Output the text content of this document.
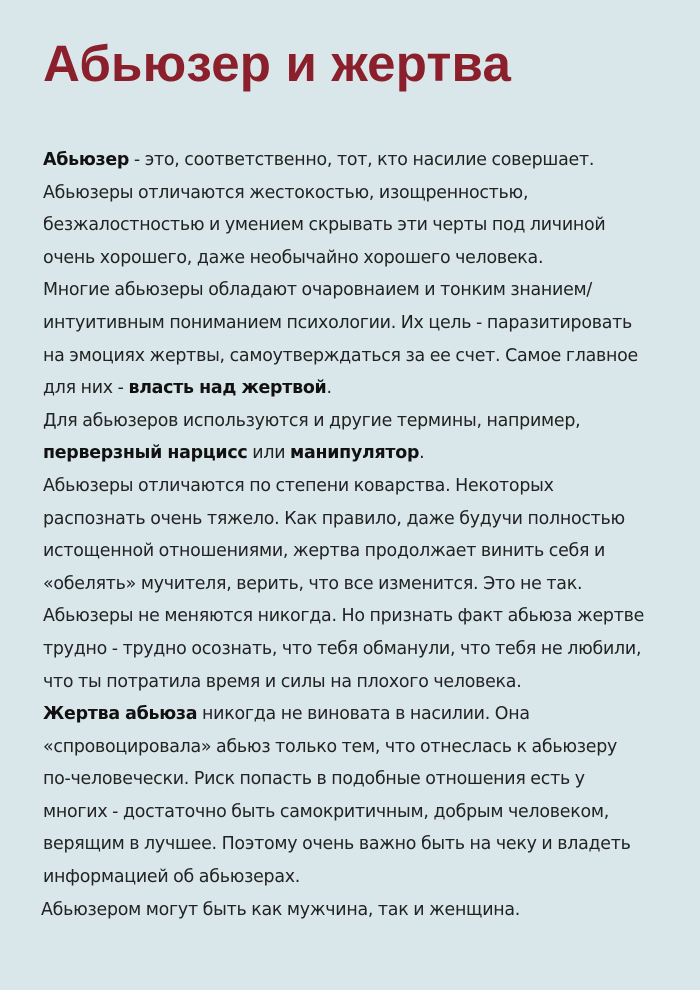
Абьюзер и жертва
Абьюзер - это, соответственно, тот, кто насилие совершает.
Абьюзеры отличаются жестокостью, изощренностью,
безжалостностью и умением скрывать эти черты под личиной
очень хорошего, даже необычайно хорошего человека.
Многие абьюзеры обладают очаровнаием и тонким знанием/
интуитивным пониманием психологии. Их цель - паразитировать
на эмоциях жертвы, самоутверждаться за ее счет. Самое главное
для них - власть над жертвой.
Для абьюзеров используются и другие термины, например,
перверзный нарцисс или манипулятор.
Абьюзеры отличаются по степени коварства. Некоторых
распознать очень тяжело. Как правило, даже будучи полностью
истощенной отношениями, жертва продолжает винить себя и
«обелять» мучителя, верить, что все изменится. Это не так.
Абьюзеры не меняются никогда. Но признать факт абьюза жертве
трудно - трудно осознать, что тебя обманули, что тебя не любили,
что ты потратила время и силы на плохого человека.
Жертва абьюза никогда не виновата в насилии. Она
«спровоцировала» абьюз только тем, что отнеслась к абьюзеру
по-человечески. Риск попасть в подобные отношения есть у
многих - достаточно быть самокритичным, добрым человеком,
верящим в лучшее. Поэтому очень важно быть на чеку и владеть
информацией об абьюзерах.
Абьюзером могут быть как мужчина, так и женщина.
